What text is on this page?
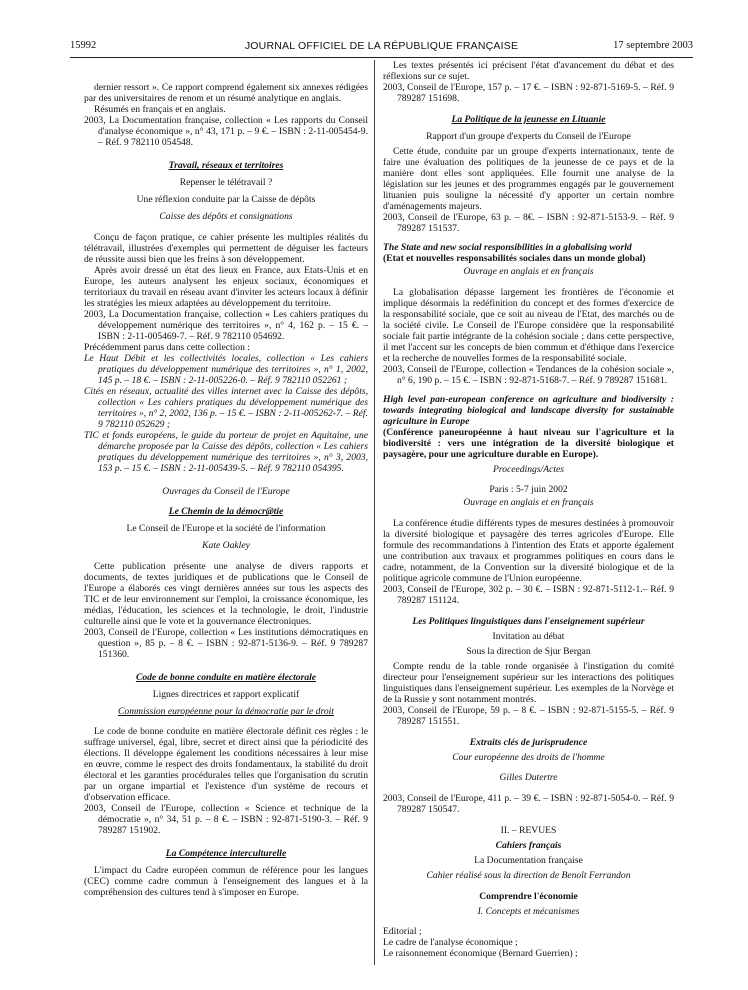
15992	JOURNAL OFFICIEL DE LA RÉPUBLIQUE FRANÇAISE	17 septembre 2003

dernier ressort ». Ce rapport comprend également six annexes rédigées par des universitaires de renom et un résumé analytique en anglais.

Résumés en français et en anglais.

2003, La Documentation française, collection « Les rapports du Conseil d'analyse économique », n° 43, 171 p. – 9 €. – ISBN : 2-11-005454-9. – Réf. 9 782110 054548.

Travail, réseaux et territoires

Repenser le télétravail ?

Une réflexion conduite par la Caisse de dépôts

Caisse des dépôts et consignations

Conçu de façon pratique, ce cahier présente les multiples réalités du télétravail, illustrées d'exemples qui permettent de déguiser les facteurs de réussite aussi bien que les freins à son développement.

Après avoir dressé un état des lieux en France, aux Etats-Unis et en Europe, les auteurs analysent les enjeux sociaux, économiques et territoriaux du travail en réseau avant d'inviter les acteurs locaux à définir les stratégies les mieux adaptées au développement du territoire.

2003, La Documentation française, collection « Les cahiers pratiques du développement numérique des territoires », n° 4, 162 p. – 15 €. – ISBN : 2-11-005469-7. – Réf. 9 782110 054692.

Précédemment parus dans cette collection :

Le Haut Débit et les collectivités locales, collection « Les cahiers pratiques du développement numérique des territoires », n° 1, 2002, 145 p. – 18 €. – ISBN : 2-11-005226-0. – Réf. 9 782110 052261 ;

Cités en réseaux, actualité des villes internet avec la Caisse des dépôts, collection « Les cahiers pratiques du développement numérique des territoires », n° 2, 2002, 136 p. – 15 €. – ISBN : 2-11-005262-7. – Réf. 9 782110 052629 ;

TIC et fonds européens, le guide du porteur de projet en Aquitaine, une démarche proposée par la Caisse des dépôts, collection « Les cahiers pratiques du développement numérique des territoires », n° 3, 2003, 153 p. – 15 €. – ISBN : 2-11-005439-5. – Réf. 9 782110 054395.

Ouvrages du Conseil de l'Europe

Le Chemin de la démocr@tie

Le Conseil de l'Europe et la société de l'information

Kate Oakley

Cette publication présente une analyse de divers rapports et documents, de textes juridiques et de publications que le Conseil de l'Europe a élaborés ces vingt dernières années sur tous les aspects des TIC et de leur environnement sur l'emploi, la croissance économique, les médias, l'éducation, les sciences et la technologie, le droit, l'industrie culturelle ainsi que le vote et la gouvernance électroniques.

2003, Conseil de l'Europe, collection « Les institutions démocratiques en question », 85 p. – 8 €. – ISBN : 92-871-5136-9. – Réf. 9 789287 151360.

Code de bonne conduite en matière électorale

Lignes directrices et rapport explicatif

Commission européenne pour la démocratie par le droit

Le code de bonne conduite en matière électorale définit ces règles : le suffrage universel, égal, libre, secret et direct ainsi que la périodicité des élections. Il développe également les conditions nécessaires à leur mise en œuvre, comme le respect des droits fondamentaux, la stabilité du droit électoral et les garanties procédurales telles que l'organisation du scrutin par un organe impartial et l'existence d'un système de recours et d'observation efficace.

2003, Conseil de l'Europe, collection « Science et technique de la démocratie », n° 34, 51 p. – 8 €. – ISBN : 92-871-5190-3. – Réf. 9 789287 151902.

La Compétence interculturelle

L'impact du Cadre européen commun de référence pour les langues (CEC) comme cadre commun à l'enseignement des langues et à la compréhension des cultures tend à s'imposer en Europe.

Les textes présentés ici précisent l'état d'avancement du débat et des réflexions sur ce sujet.

2003, Conseil de l'Europe, 157 p. – 17 €. – ISBN : 92-871-5169-5. – Réf. 9 789287 151698.

La Politique de la jeunesse en Lituanie

Rapport d'un groupe d'experts du Conseil de l'Europe

Cette étude, conduite par un groupe d'experts internationaux, tente de faire une évaluation des politiques de la jeunesse de ce pays et de la manière dont elles sont appliquées. Elle fournit une analyse de la législation sur les jeunes et des programmes engagés par le gouvernement lituanien puis souligne la nécessité d'y apporter un certain nombre d'aménagements majeurs.

2003, Conseil de l'Europe, 63 p. – 8€. – ISBN : 92-871-5153-9. – Réf. 9 789287 151537.

The State and new social responsibilities in a globalising world

(Etat et nouvelles responsabilités sociales dans un monde global)

Ouvrage en anglais et en français

La globalisation dépasse largement les frontières de l'économie et implique désormais la redéfinition du concept et des formes d'exercice de la responsabilité sociale, que ce soit au niveau de l'Etat, des marchés ou de la société civile. Le Conseil de l'Europe considère que la responsabilité sociale fait partie intégrante de la cohésion sociale ; dans cette perspective, il met l'accent sur les concepts de bien commun et d'éthique dans l'exercice et la recherche de nouvelles formes de la responsabilité sociale.

2003, Conseil de l'Europe, collection « Tendances de la cohésion sociale », n° 6, 190 p. – 15 €. – ISBN : 92-871-5168-7. – Réf. 9 789287 151681.

High level pan-european conference on agriculture and biodiversity : towards integrating biological and landscape diversity for sustainable agriculture in Europe

(Conférence paneuropéenne à haut niveau sur l'agriculture et la biodiversité : vers une intégration de la diversité biologique et paysagère, pour une agriculture durable en Europe).

Proceedings/Actes

Paris : 5-7 juin 2002

Ouvrage en anglais et en français

La conférence étudie différents types de mesures destinées à promouvoir la diversité biologique et paysagère des terres agricoles d'Europe. Elle formule des recommandations à l'intention des Etats et apporte également une contribution aux travaux et programmes politiques en cours dans le cadre, notamment, de la Convention sur la diversité biologique et de la politique agricole commune de l'Union européenne.

2003, Conseil de l'Europe, 302 p. – 30 €. – ISBN : 92-871-5112-1.– Réf. 9 789287 151124.

Les Politiques linguistiques dans l'enseignement supérieur

Invitation au débat

Sous la direction de Sjur Bergan

Compte rendu de la table ronde organisée à l'instigation du comité directeur pour l'enseignement supérieur sur les interactions des politiques linguistiques dans l'enseignement supérieur. Les exemples de la Norvège et de la Russie y sont notamment montrés.

2003, Conseil de l'Europe, 59 p. – 8 €. – ISBN : 92-871-5155-5. – Réf. 9 789287 151551.

Extraits clés de jurisprudence

Cour européenne des droits de l'homme

Gilles Dutertre

2003, Conseil de l'Europe, 411 p. – 39 €. – ISBN : 92-871-5054-0. – Réf. 9 789287 150547.

II. – REVUES

Cahiers français

La Documentation française

Cahier réalisé sous la direction de Benoît Ferrandon

Comprendre l'économie

I. Concepts et mécanismes

Editorial ;

Le cadre de l'analyse économique ;

Le raisonnement économique (Bernard Guerrien) ;
